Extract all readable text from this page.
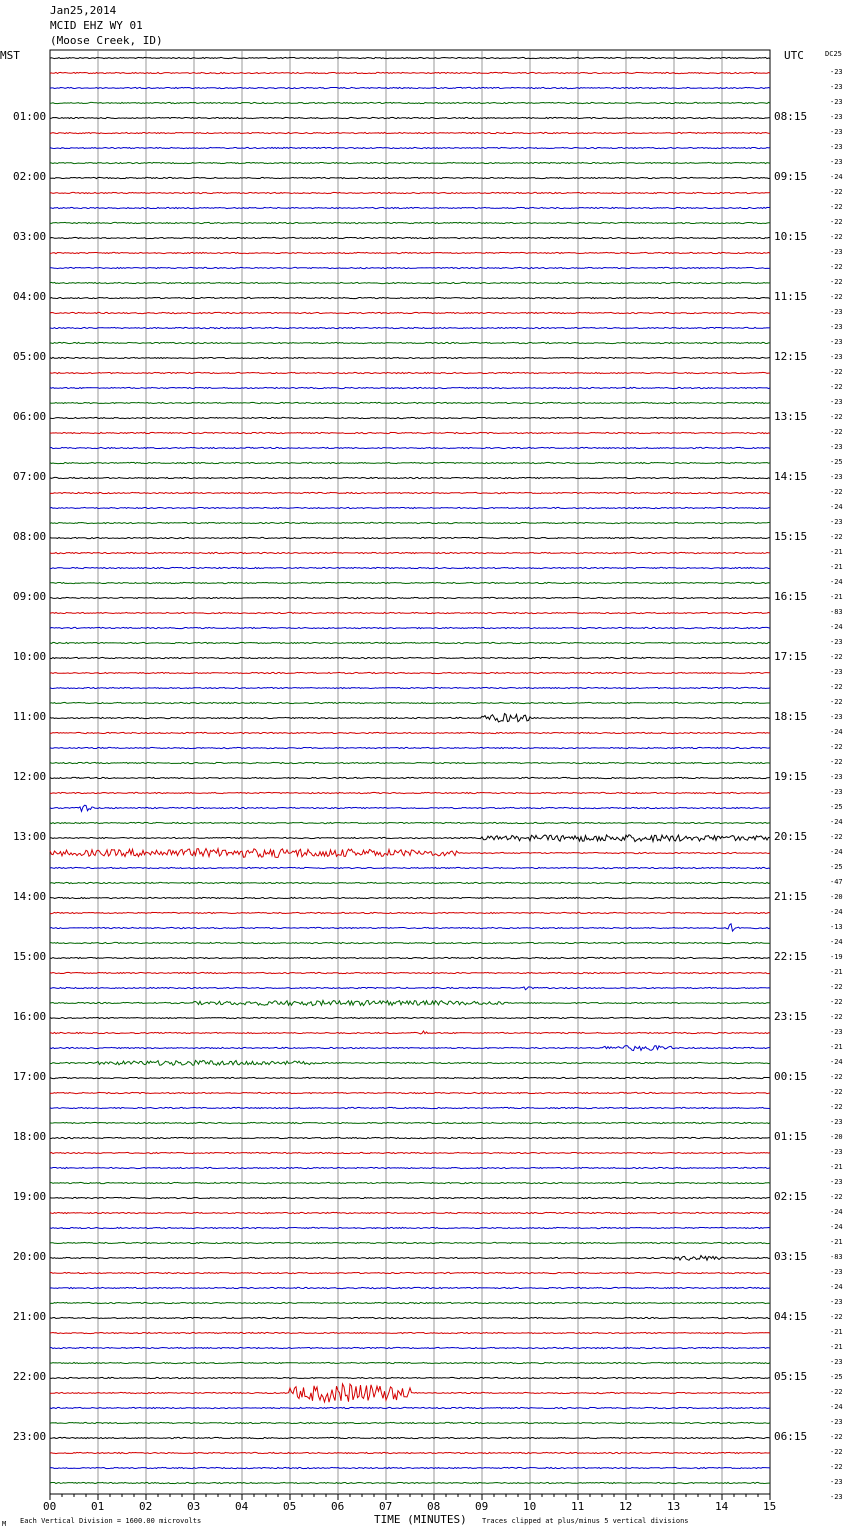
Jan25,2014
MCID EHZ WY 01
(Moose Creek, ID)
MST	UTC	DC25
-23
-23
-23
-23
-23
-23
-23
-24
-22
-22
-22
-22
-23
-22
-22
-22
-23
-23
-23
-23
-22
-22
-23
-22
-22
-23
-25
-23
-22
-24
-23
-22
-21
-21
-24
-21
-83
-24
-23
-22
-23
-22
-22
-23
-24
-22
-22
-23
-23
-25
-24
-22
-24
-25
-47
-20
-24
-13
-24
-19
-21
-22
-22
-22
-23
-21
-24
-22
-22
-22
-23
-20
-23
-21
-23
-22
-24
-24
-21
-83
-23
-24
-23
-22
-21
-21
-23
-25
-22
-24
-23
-22
-22
-22
-23
-23
01:00
02:00
03:00
04:00
05:00
06:00
07:00
08:00
09:00
10:00
11:00
12:00
13:00
14:00
15:00
16:00
17:00
18:00
19:00
20:00
21:00
22:00
23:00
08:15
09:15
10:15
11:15
12:15
13:15
14:15
15:15
16:15
17:15
18:15
19:15
20:15
21:15
22:15
23:15
00:15
01:15
02:15
03:15
04:15
05:15
06:15
00	01	02	03	04	05	06	07	08	09	10	11	12	13	14	15
M Each Vertical Division = 1600.00 microvolts	TIME (MINUTES) Traces clipped at plus/minus 5 vertical divisions
